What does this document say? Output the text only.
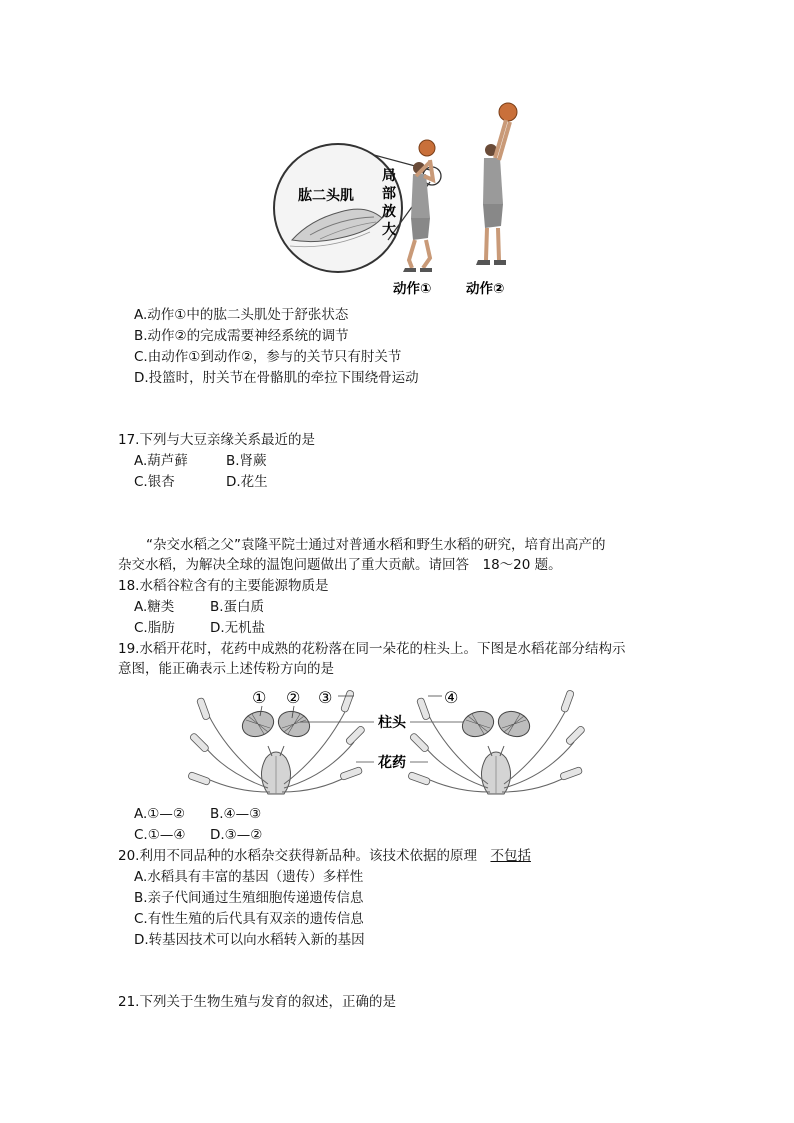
肱二头肌
局
部
放
大
动作①	动作②
A.动作①中的肱二头肌处于舒张状态
B.动作②的完成需要神经系统的调节
C.由动作①到动作②，参与的关节只有肘关节
D.投篮时，肘关节在骨骼肌的牵拉下围绕骨运动
17.下列与大豆亲缘关系最近的是
A.葫芦藓	B.肾蕨
C.银杏	D.花生
“杂交水稻之父”袁隆平院士通过对普通水稻和野生水稻的研究，培育出高产的
杂交水稻，为解决全球的温饱问题做出了重大贡献。请回答　18～20 题。
18.水稻谷粒含有的主要能源物质是
A.糖类	B.蛋白质
C.脂肪	D.无机盐
19.水稻开花时，花药中成熟的花粉落在同一朵花的柱头上。下图是水稻花部分结构示
意图，能正确表示上述传粉方向的是
① ② ③
柱头
花药
④
A.①—② B.④—③
C.①—④ D.③—②
20.利用不同品种的水稻杂交获得新品种。该技术依据的原理　不包括
A.水稻具有丰富的基因（遗传）多样性
B.亲子代间通过生殖细胞传递遗传信息
C.有性生殖的后代具有双亲的遗传信息
D.转基因技术可以向水稻转入新的基因
21.下列关于生物生殖与发育的叙述，正确的是
